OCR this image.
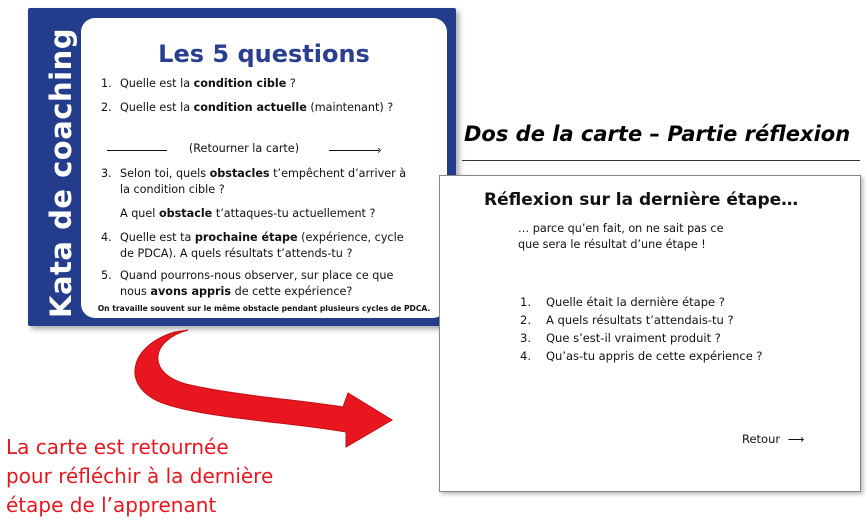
Kata de coaching	Les 5 questions
1. Quelle est la condition cible ?
2. Quelle est la condition actuelle (maintenant) ?
(Retourner la carte)	›
3. Selon toi, quels obstacles t’empêchent d’arriver à
la condition cible ?
A quel obstacle t’attaques-tu actuellement ?
4. Quelle est ta prochaine étape (expérience, cycle
de PDCA). A quels résultats t’attends-tu ?
5. Quand pourrons-nous observer, sur place ce que
nous avons appris de cette expérience?
On travaille souvent sur le même obstacle pendant plusieurs cycles de PDCA.
Dos de la carte – Partie réflexion
Réflexion sur la dernière étape…
… parce qu’en fait, on ne sait pas ce
que sera le résultat d’une étape !
1. Quelle était la dernière étape ?
2. A quels résultats t’attendais-tu ?
3. Que s’est-il vraiment produit ?
4. Qu’as-tu appris de cette expérience ?
Retour ⟶
La carte est retournée
pour réfléchir à la dernière
étape de l’apprenant
